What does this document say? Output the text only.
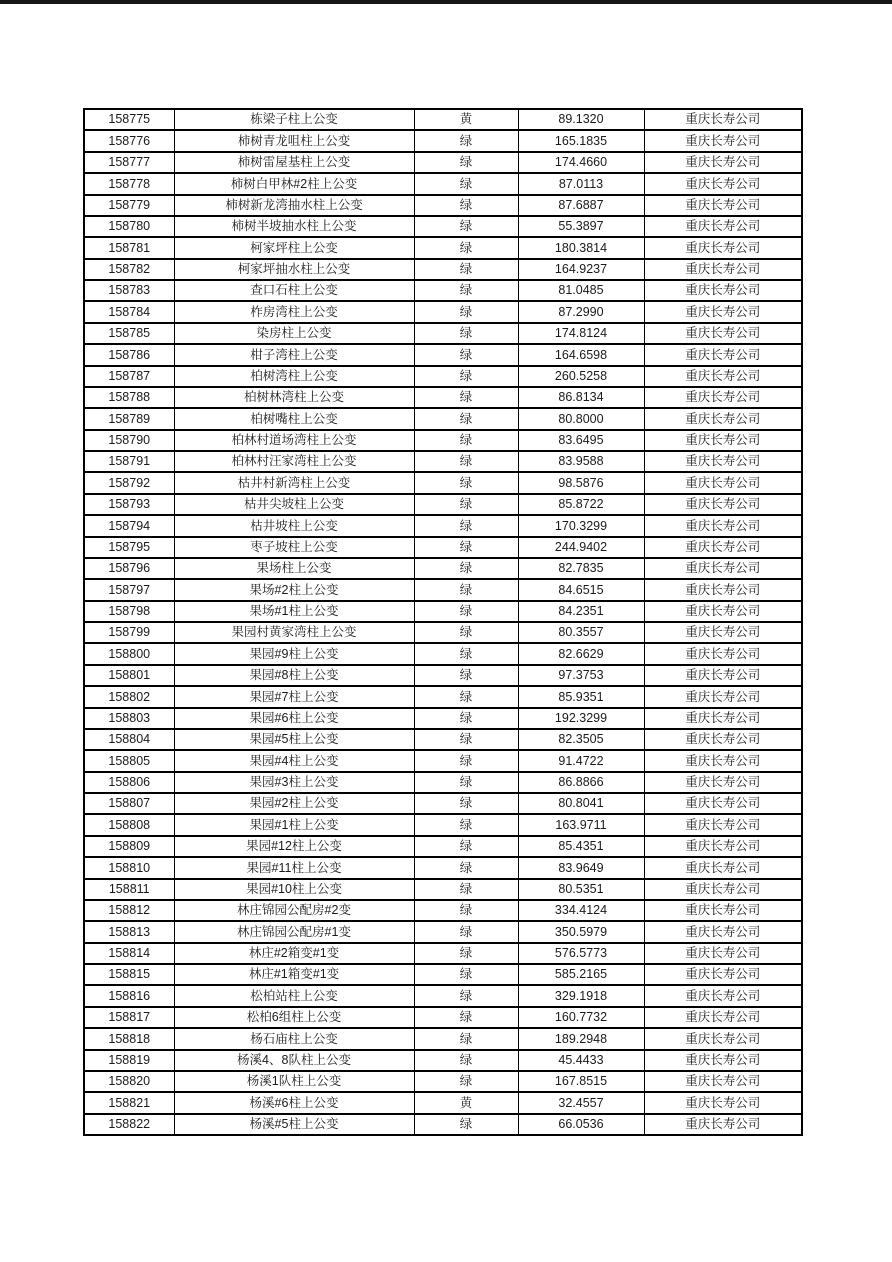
158775	栋梁子柱上公变	黄	89.1320	重庆长寿公司
158776	柿树青龙咀柱上公变	绿	165.1835	重庆长寿公司
158777	柿树雷屋基柱上公变	绿	174.4660	重庆长寿公司
158778	柿树白甲林#2柱上公变	绿	87.0113	重庆长寿公司
158779	柿树新龙湾抽水柱上公变	绿	87.6887	重庆长寿公司
158780	柿树半坡抽水柱上公变	绿	55.3897	重庆长寿公司
158781	柯家坪柱上公变	绿	180.3814	重庆长寿公司
158782	柯家坪抽水柱上公变	绿	164.9237	重庆长寿公司
158783	查口石柱上公变	绿	81.0485	重庆长寿公司
158784	柞房湾柱上公变	绿	87.2990	重庆长寿公司
158785	染房柱上公变	绿	174.8124	重庆长寿公司
158786	柑子湾柱上公变	绿	164.6598	重庆长寿公司
158787	柏树湾柱上公变	绿	260.5258	重庆长寿公司
158788	柏树林湾柱上公变	绿	86.8134	重庆长寿公司
158789	柏树嘴柱上公变	绿	80.8000	重庆长寿公司
158790	柏林村道场湾柱上公变	绿	83.6495	重庆长寿公司
158791	柏林村汪家湾柱上公变	绿	83.9588	重庆长寿公司
158792	枯井村新湾柱上公变	绿	98.5876	重庆长寿公司
158793	枯井尖坡柱上公变	绿	85.8722	重庆长寿公司
158794	枯井坡柱上公变	绿	170.3299	重庆长寿公司
158795	枣子坡柱上公变	绿	244.9402	重庆长寿公司
158796	果场柱上公变	绿	82.7835	重庆长寿公司
158797	果场#2柱上公变	绿	84.6515	重庆长寿公司
158798	果场#1柱上公变	绿	84.2351	重庆长寿公司
158799	果园村黄家湾柱上公变	绿	80.3557	重庆长寿公司
158800	果园#9柱上公变	绿	82.6629	重庆长寿公司
158801	果园#8柱上公变	绿	97.3753	重庆长寿公司
158802	果园#7柱上公变	绿	85.9351	重庆长寿公司
158803	果园#6柱上公变	绿	192.3299	重庆长寿公司
158804	果园#5柱上公变	绿	82.3505	重庆长寿公司
158805	果园#4柱上公变	绿	91.4722	重庆长寿公司
158806	果园#3柱上公变	绿	86.8866	重庆长寿公司
158807	果园#2柱上公变	绿	80.8041	重庆长寿公司
158808	果园#1柱上公变	绿	163.9711	重庆长寿公司
158809	果园#12柱上公变	绿	85.4351	重庆长寿公司
158810	果园#11柱上公变	绿	83.9649	重庆长寿公司
158811	果园#10柱上公变	绿	80.5351	重庆长寿公司
158812	林庄锦园公配房#2变	绿	334.4124	重庆长寿公司
158813	林庄锦园公配房#1变	绿	350.5979	重庆长寿公司
158814	林庄#2箱变#1变	绿	576.5773	重庆长寿公司
158815	林庄#1箱变#1变	绿	585.2165	重庆长寿公司
158816	松柏站柱上公变	绿	329.1918	重庆长寿公司
158817	松柏6组柱上公变	绿	160.7732	重庆长寿公司
158818	杨石庙柱上公变	绿	189.2948	重庆长寿公司
158819	杨溪4、8队柱上公变	绿	45.4433	重庆长寿公司
158820	杨溪1队柱上公变	绿	167.8515	重庆长寿公司
158821	杨溪#6柱上公变	黄	32.4557	重庆长寿公司
158822	杨溪#5柱上公变	绿	66.0536	重庆长寿公司
